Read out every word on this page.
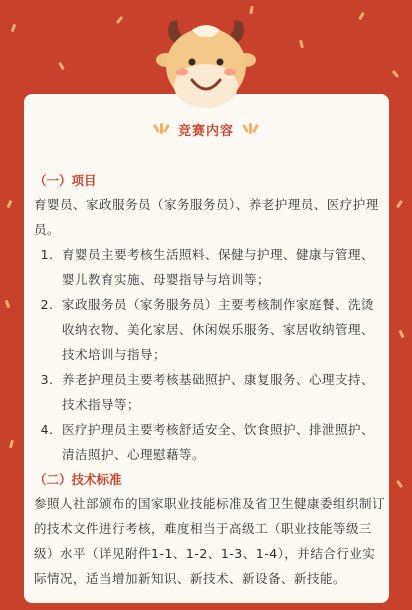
竞赛内容

（一）项目

育婴员、家政服务员（家务服务员）、养老护理员、医疗护理员。

1. 育婴员主要考核生活照料、保健与护理、健康与管理、婴儿教育实施、母婴指导与培训等；
2. 家政服务员（家务服务员）主要考核制作家庭餐、洗烫收纳衣物、美化家居、休闲娱乐服务、家居收纳管理、技术培训与指导；
3. 养老护理员主要考核基础照护、康复服务、心理支持、技术指导等；
4. 医疗护理员主要考核舒适安全、饮食照护、排泄照护、清洁照护、心理慰藉等。

（二）技术标准

参照人社部颁布的国家职业技能标准及省卫生健康委组织制订的技术文件进行考核，难度相当于高级工（职业技能等级三级）水平（详见附件1-1、1-2、1-3、1-4），并结合行业实际情况，适当增加新知识、新技术、新设备、新技能。
